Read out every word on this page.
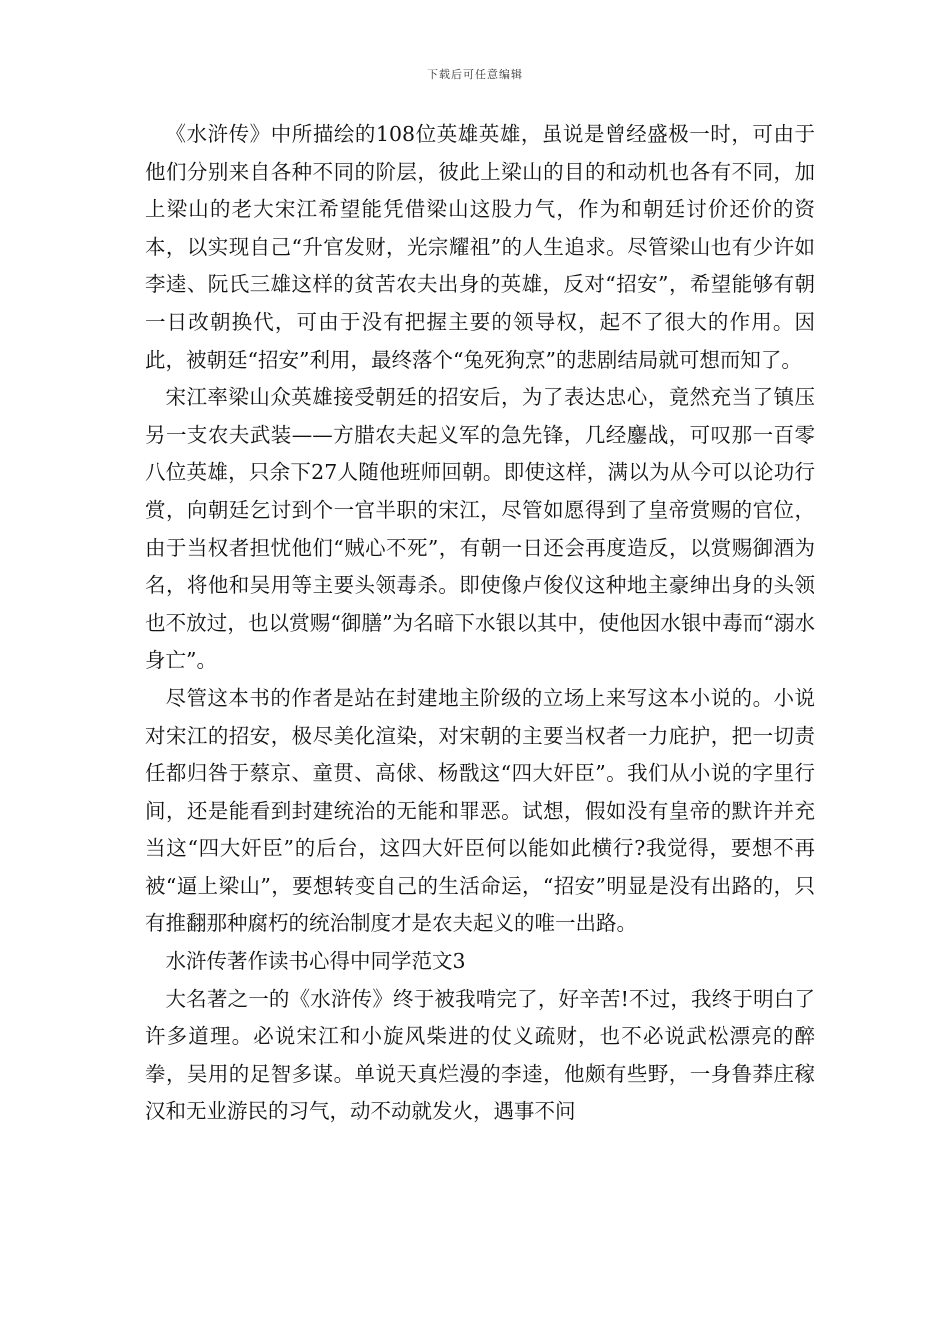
下载后可任意编辑

《水浒传》中所描绘的108位英雄英雄，虽说是曾经盛极一时，可由于他们分别来自各种不同的阶层，彼此上梁山的目的和动机也各有不同，加上梁山的老大宋江希望能凭借梁山这股力气，作为和朝廷讨价还价的资本，以实现自己“升官发财，光宗耀祖”的人生追求。尽管梁山也有少许如李逵、阮氏三雄这样的贫苦农夫出身的英雄，反对“招安”，希望能够有朝一日改朝换代，可由于没有把握主要的领导权，起不了很大的作用。因此，被朝廷“招安”利用，最终落个“兔死狗烹”的悲剧结局就可想而知了。

宋江率梁山众英雄接受朝廷的招安后，为了表达忠心，竟然充当了镇压另一支农夫武装——方腊农夫起义军的急先锋，几经鏖战，可叹那一百零八位英雄，只余下27人随他班师回朝。即使这样，满以为从今可以论功行赏，向朝廷乞讨到个一官半职的宋江，尽管如愿得到了皇帝赏赐的官位，由于当权者担忧他们“贼心不死”，有朝一日还会再度造反，以赏赐御酒为名，将他和吴用等主要头领毒杀。即使像卢俊仪这种地主豪绅出身的头领也不放过，也以赏赐“御膳”为名暗下水银以其中，使他因水银中毒而“溺水身亡”。

尽管这本书的作者是站在封建地主阶级的立场上来写这本小说的。小说对宋江的招安，极尽美化渲染，对宋朝的主要当权者一力庇护，把一切责任都归咎于蔡京、童贯、高俅、杨戬这“四大奸臣”。我们从小说的字里行间，还是能看到封建统治的无能和罪恶。试想，假如没有皇帝的默许并充当这“四大奸臣”的后台，这四大奸臣何以能如此横行?我觉得，要想不再被“逼上梁山”，要想转变自己的生活命运，“招安”明显是没有出路的，只有推翻那种腐朽的统治制度才是农夫起义的唯一出路。

水浒传著作读书心得中同学范文3

大名著之一的《水浒传》终于被我啃完了，好辛苦!不过，我终于明白了许多道理。必说宋江和小旋风柴进的仗义疏财，也不必说武松漂亮的醉拳，吴用的足智多谋。单说天真烂漫的李逵，他颇有些野，一身鲁莽庄稼汉和无业游民的习气，动不动就发火，遇事不问
